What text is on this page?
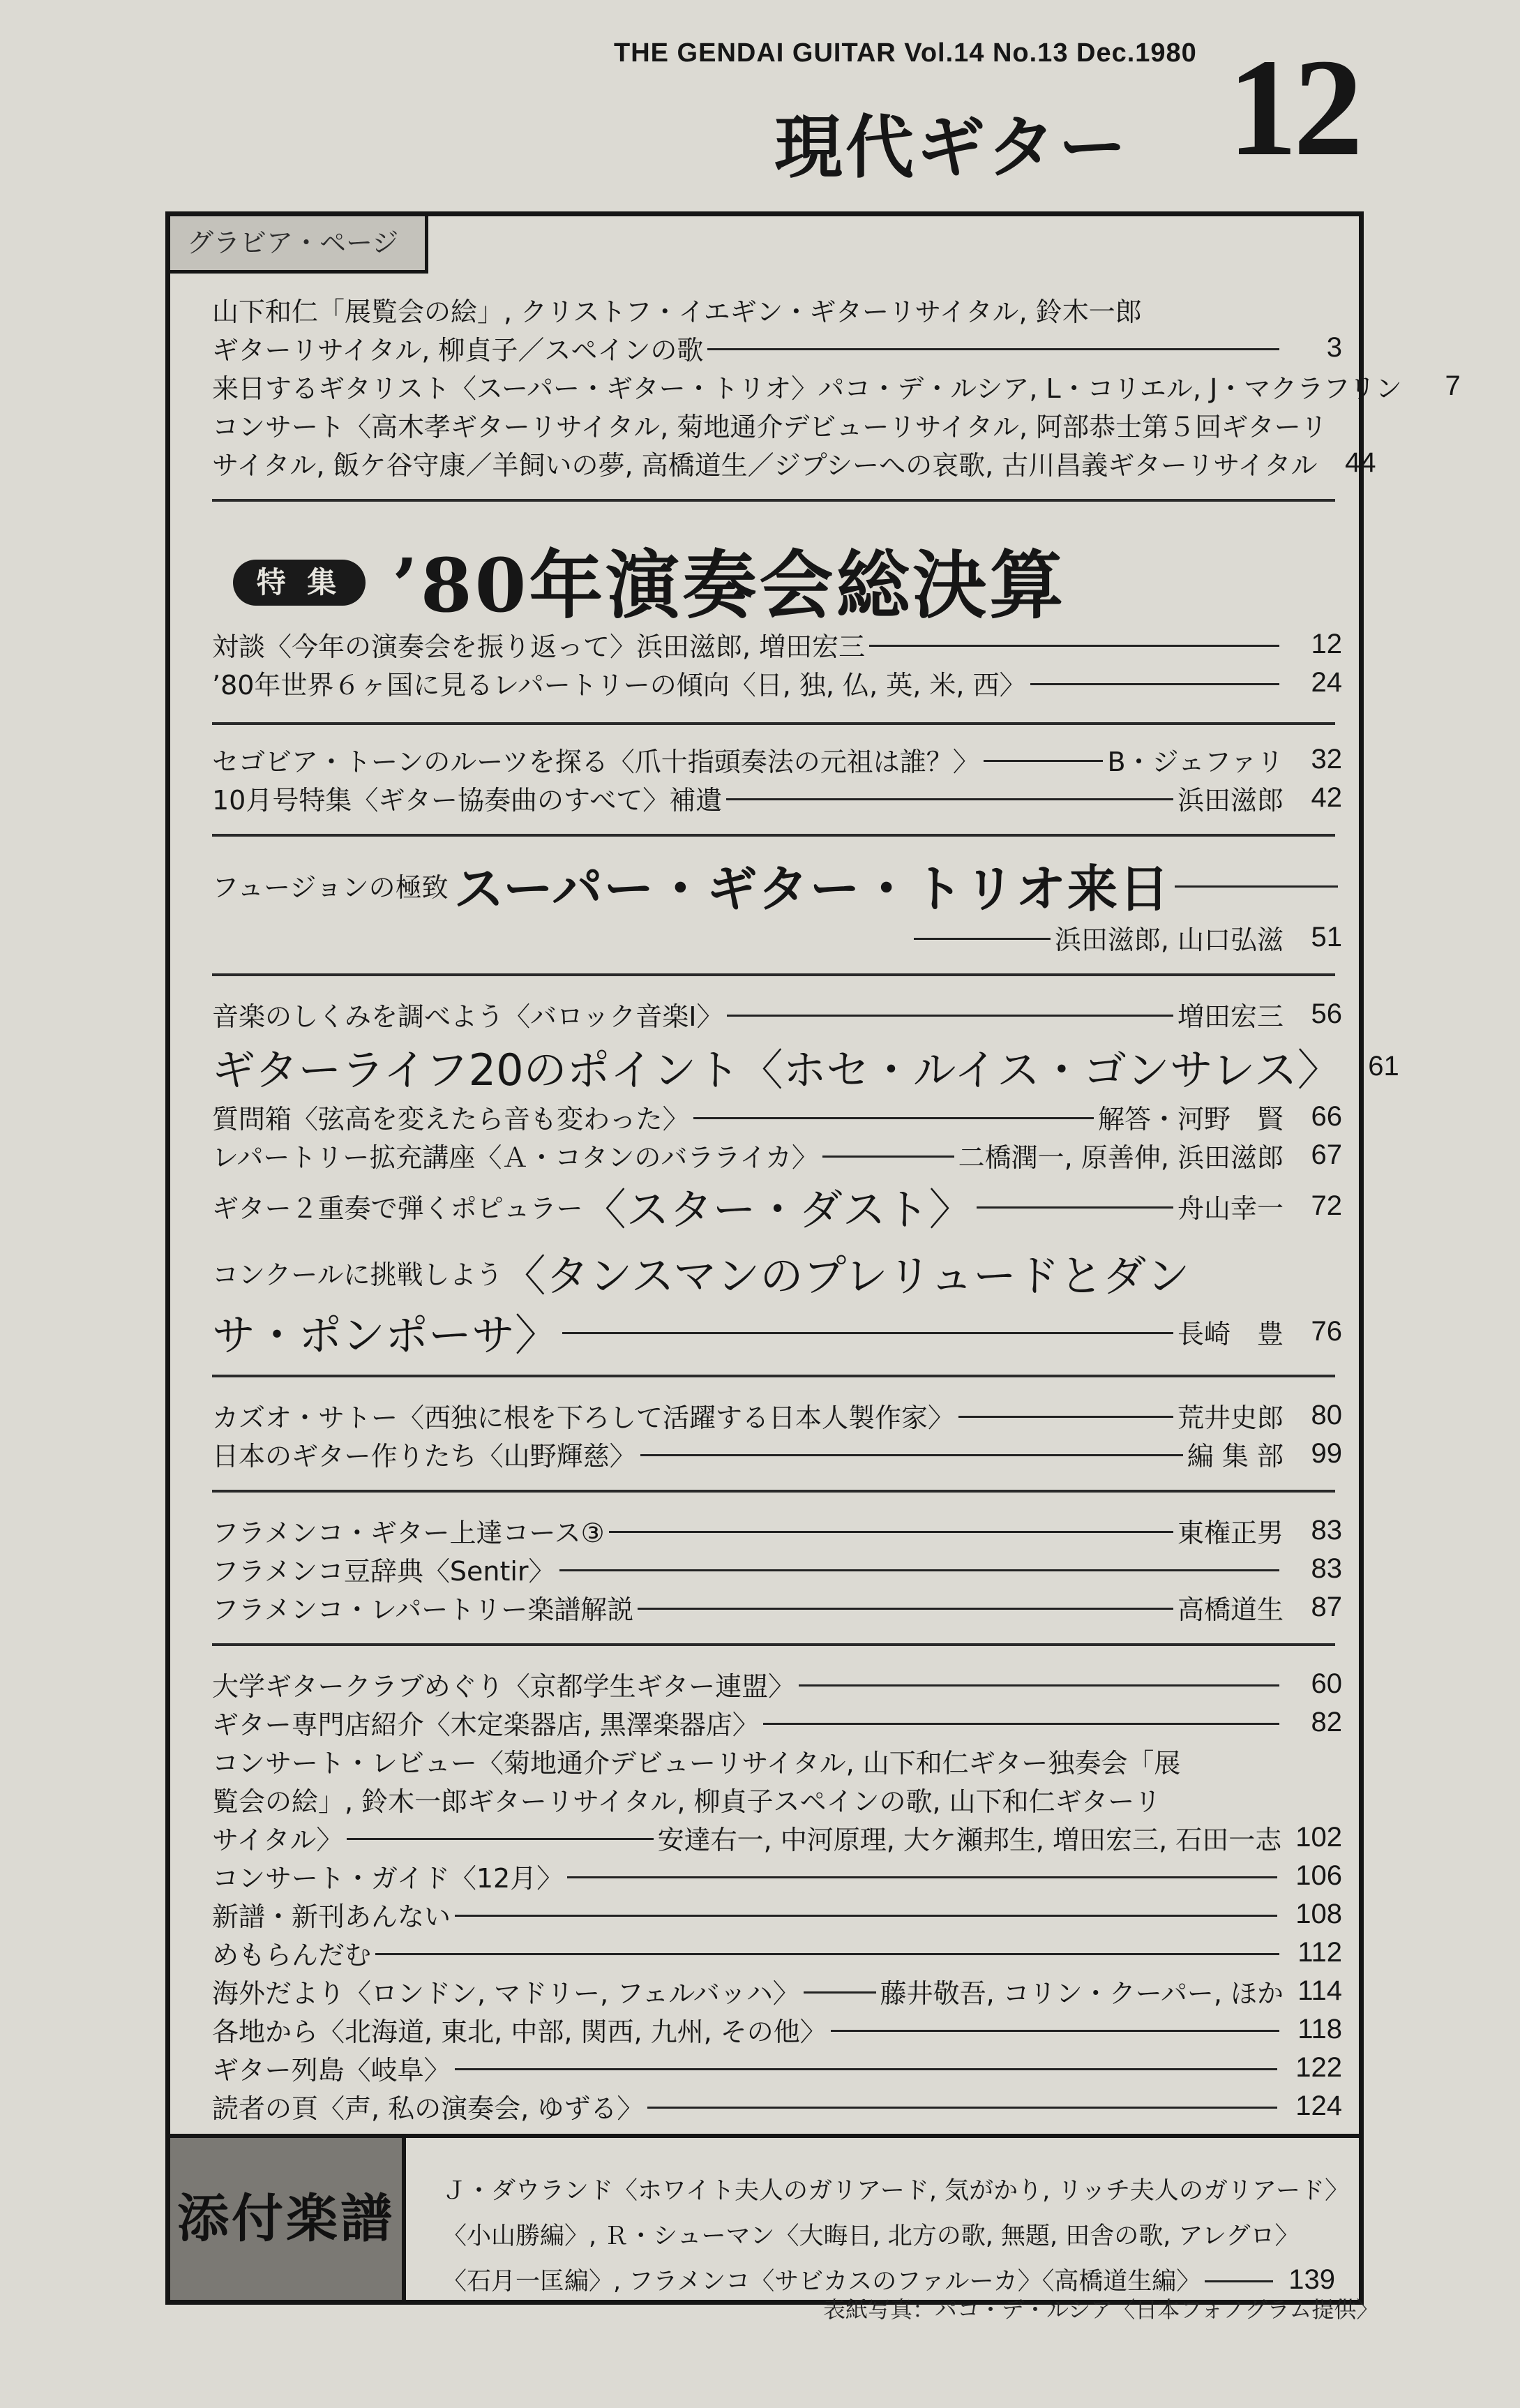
THE GENDAI GUITAR Vol.14 No.13 Dec.1980
現代ギター 12
グラビア・ページ
山下和仁「展覧会の絵」, クリストフ・イエギン・ギターリサイタル, 鈴木一郎
ギターリサイタル, 柳貞子／スペインの歌	3
来日するギタリスト〈スーパー・ギター・トリオ〉パコ・デ・ルシア, L・コリエル, J・マクラフリン	7
コンサート〈高木孝ギターリサイタル, 菊地通介デビューリサイタル, 阿部恭士第５回ギターリ
サイタル, 飯ケ谷守康／羊飼いの夢, 高橋道生／ジプシーへの哀歌, 古川昌義ギターリサイタル 44
特 集 ’80年演奏会総決算
対談〈今年の演奏会を振り返って〉浜田滋郎, 増田宏三	12
’80年世界６ヶ国に見るレパートリーの傾向〈日, 独, 仏, 英, 米, 西〉	24
セゴビア・トーンのルーツを探る〈爪十指頭奏法の元祖は誰？〉	B・ジェファリ 32
10月号特集〈ギター協奏曲のすべて〉補遺	浜田滋郎 42
フュージョンの極致 スーパー・ギター・トリオ来日
浜田滋郎, 山口弘滋 51
音楽のしくみを調べよう〈バロック音楽Ⅰ〉	増田宏三 56
ギターライフ20のポイント〈ホセ・ルイス・ゴンサレス〉 61
質問箱〈弦高を変えたら音も変わった〉	解答・河野　賢 66
レパートリー拡充講座〈Ａ・コタンのバラライカ〉	二橋潤一, 原善伸, 浜田滋郎 67
ギター２重奏で弾くポピュラー 〈スター・ダスト〉	舟山幸一 72
コンクールに挑戦しよう 〈タンスマンのプレリュードとダン
サ・ポンポーサ〉	長崎　豊 76
カズオ・サトー〈西独に根を下ろして活躍する日本人製作家〉	荒井史郎 80
日本のギター作りたち〈山野輝慈〉	編 集 部 99
フラメンコ・ギター上達コース③	東権正男 83
フラメンコ豆辞典〈Sentir〉	83
フラメンコ・レパートリー楽譜解説	高橋道生 87
大学ギタークラブめぐり〈京都学生ギター連盟〉	60
ギター専門店紹介〈木定楽器店, 黒澤楽器店〉	82
コンサート・レビュー〈菊地通介デビューリサイタル, 山下和仁ギター独奏会「展
覧会の絵」, 鈴木一郎ギターリサイタル, 柳貞子スペインの歌, 山下和仁ギターリ
サイタル〉	安達右一, 中河原理, 大ケ瀬邦生, 増田宏三, 石田一志 102
コンサート・ガイド〈12月〉	106
新譜・新刊あんない	108
めもらんだむ	112
海外だより〈ロンドン, マドリー, フェルバッハ〉	藤井敬吾, コリン・クーパー, ほか 114
各地から〈北海道, 東北, 中部, 関西, 九州, その他〉	118
ギター列島〈岐阜〉	122
読者の頁〈声, 私の演奏会, ゆずる〉	124
添付楽譜	Ｊ・ダウランド〈ホワイト夫人のガリアード, 気がかり, リッチ夫人のガリアード〉
〈小山勝編〉, Ｒ・シューマン〈大晦日, 北方の歌, 無題, 田舎の歌, アレグロ〉
〈石月一匡編〉, フラメンコ〈サビカスのファルーカ〉〈高橋道生編〉	139
表紙写真：パコ・デ・ルシア〈日本フォノグラム提供〉
